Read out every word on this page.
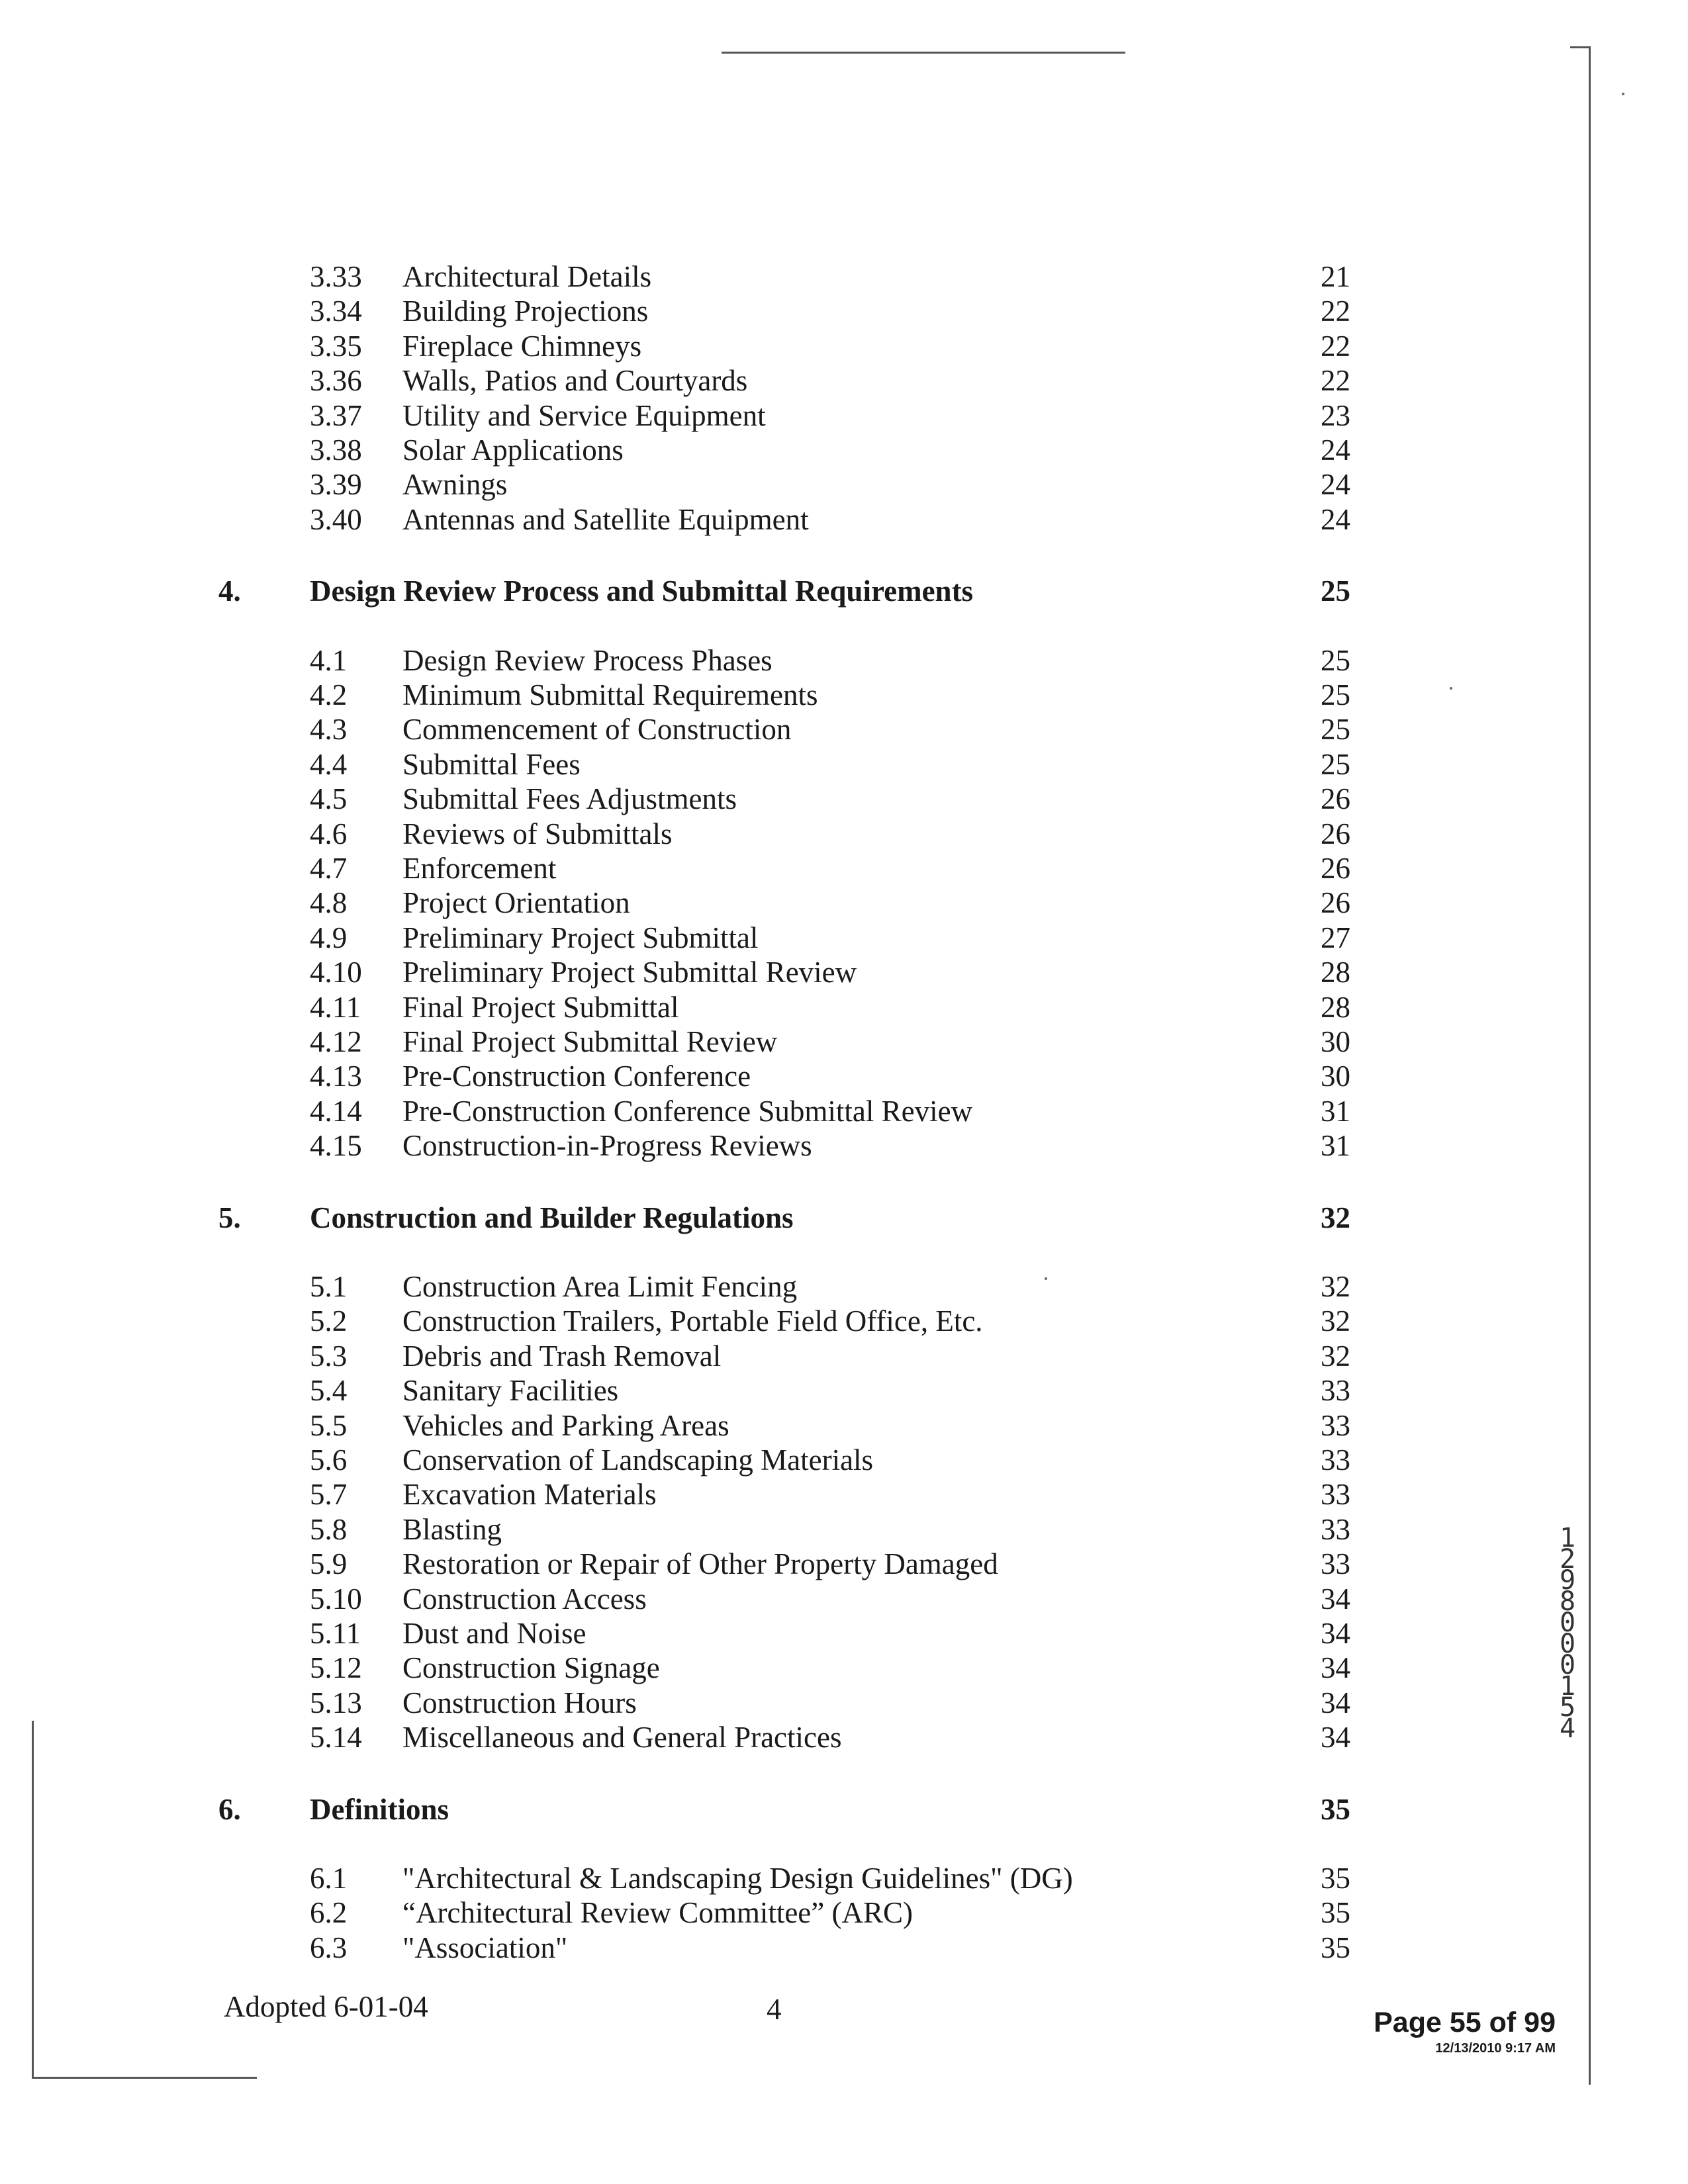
3.33 Architectural Details	21
3.34 Building Projections	22
3.35 Fireplace Chimneys	22
3.36 Walls, Patios and Courtyards	22
3.37 Utility and Service Equipment	23
3.38 Solar Applications	24
3.39 Awnings	24
3.40 Antennas and Satellite Equipment	24
4. Design Review Process and Submittal Requirements	25
4.1 Design Review Process Phases	25
4.2 Minimum Submittal Requirements	25
4.3 Commencement of Construction	25
4.4 Submittal Fees	25
4.5 Submittal Fees Adjustments	26
4.6 Reviews of Submittals	26
4.7 Enforcement	26
4.8 Project Orientation	26
4.9 Preliminary Project Submittal	27
4.10 Preliminary Project Submittal Review	28
4.11 Final Project Submittal	28
4.12 Final Project Submittal Review	30
4.13 Pre-Construction Conference	30
4.14 Pre-Construction Conference Submittal Review	31
4.15 Construction-in-Progress Reviews	31
5. Construction and Builder Regulations	32
5.1 Construction Area Limit Fencing	32
5.2 Construction Trailers, Portable Field Office, Etc.	32
5.3 Debris and Trash Removal	32
5.4 Sanitary Facilities	33
5.5 Vehicles and Parking Areas	33
5.6 Conservation of Landscaping Materials	33
5.7 Excavation Materials	33
5.8 Blasting	33
5.9 Restoration or Repair of Other Property Damaged	33
5.10 Construction Access	34
5.11 Dust and Noise	34
5.12 Construction Signage	34
5.13 Construction Hours	34
5.14 Miscellaneous and General Practices	34
6. Definitions	35
6.1 "Architectural & Landscaping Design Guidelines" (DG)	35
6.2 “Architectural Review Committee” (ARC)	35
6.3 "Association"	35
Adopted 6-01-04	4	Page 55 of 99
12/13/2010 9:17 AM
12980 00154
